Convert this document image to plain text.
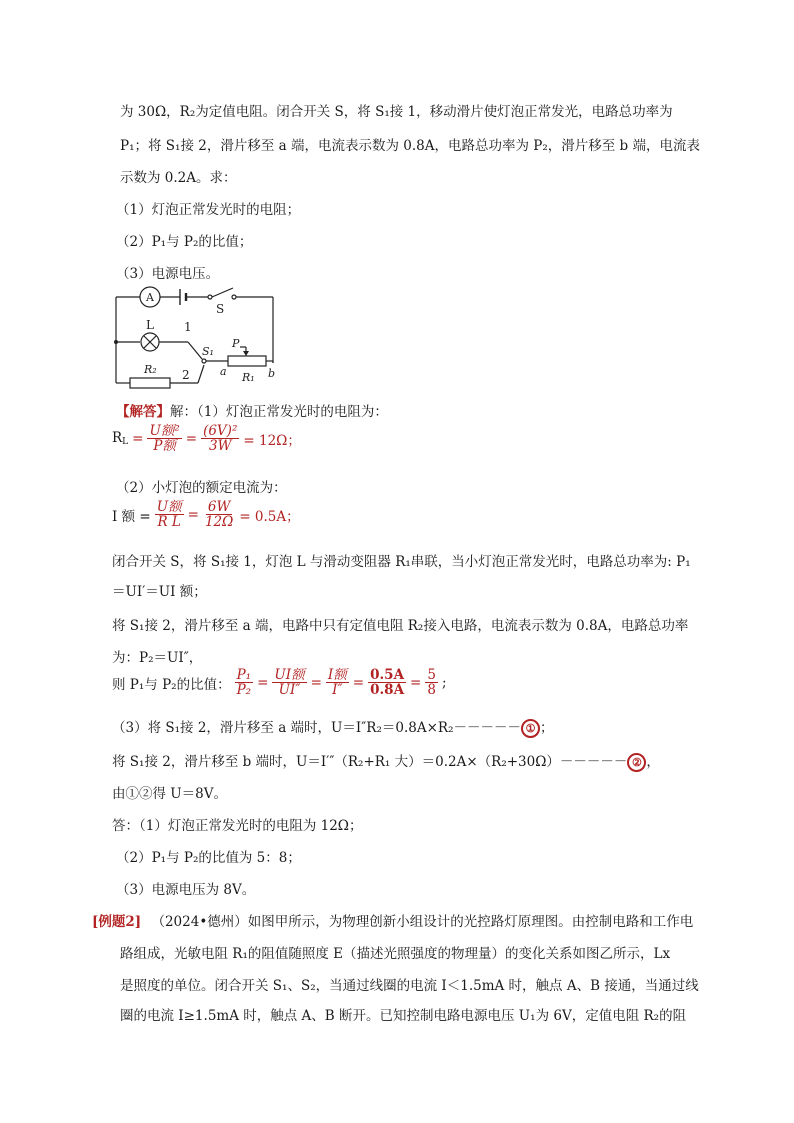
为 30Ω，R₂为定值电阻。闭合开关 S，将 S₁接 1，移动滑片使灯泡正常发光，电路总功率为
P₁；将 S₁接 2，滑片移至 a 端，电流表示数为 0.8A，电路总功率为 P₂，滑片移至 b 端，电流表
示数为 0.2A。求：
（1）灯泡正常发光时的电阻；
（2）P₁与 P₂的比值；
（3）电源电压。
A
S
L	1
S₁
P
R₂ 2	a R₁ b
【解答】解：（1）灯泡正常发光时的电阻为：
$R_L = \frac{\text{U额²}}{\text{P额}} = \frac{\text{(6V)²}}{3W} = 12\Omega$；
（2）小灯泡的额定电流为：
I 额 = $\frac{\text{U额}}{\text{R L}} = \frac{6W}{12\Omega} = 0.5A$；
闭合开关 S，将 S₁接 1，灯泡 L 与滑动变阻器 R₁串联，当小灯泡正常发光时，电路总功率为: P₁
＝UI′＝UI 额；
将 S₁接 2，滑片移至 a 端，电路中只有定值电阻 R₂接入电路，电流表示数为 0.8A，电路总功率
为：P₂＝UI″，
则 P₁与 P₂的比值： $\frac{\text{P₁}}{\text{P₂}} = \frac{\text{UI额}}{UI''} = \frac{\text{I额}}{I''} = \frac{0.5A}{0.8A} = \frac{5}{8}$ ;
（3）将 S₁接 2，滑片移至 a 端时，U＝I″R₂＝0.8A×R₂－－－－－ ① ；
将 S₁接 2，滑片移至 b 端时，U＝I′″（R₂+R₁ 大）＝0.2A×（R₂+30Ω）－－－－－ ② ，
由①②得 U＝8V。
答：（1）灯泡正常发光时的电阻为 12Ω；
（2）P₁与 P₂的比值为 5：8；
（3）电源电压为 8V。
[例题2] （2024•德州）如图甲所示，为物理创新小组设计的光控路灯原理图。由控制电路和工作电
路组成，光敏电阻 R₁的阻值随照度 E（描述光照强度的物理量）的变化关系如图乙所示，Lx
是照度的单位。闭合开关 S₁、S₂，当通过线圈的电流 I＜1.5mA 时，触点 A、B 接通，当通过线
圈的电流 I≥1.5mA 时，触点 A、B 断开。已知控制电路电源电压 U₁为 6V，定值电阻 R₂的阻
